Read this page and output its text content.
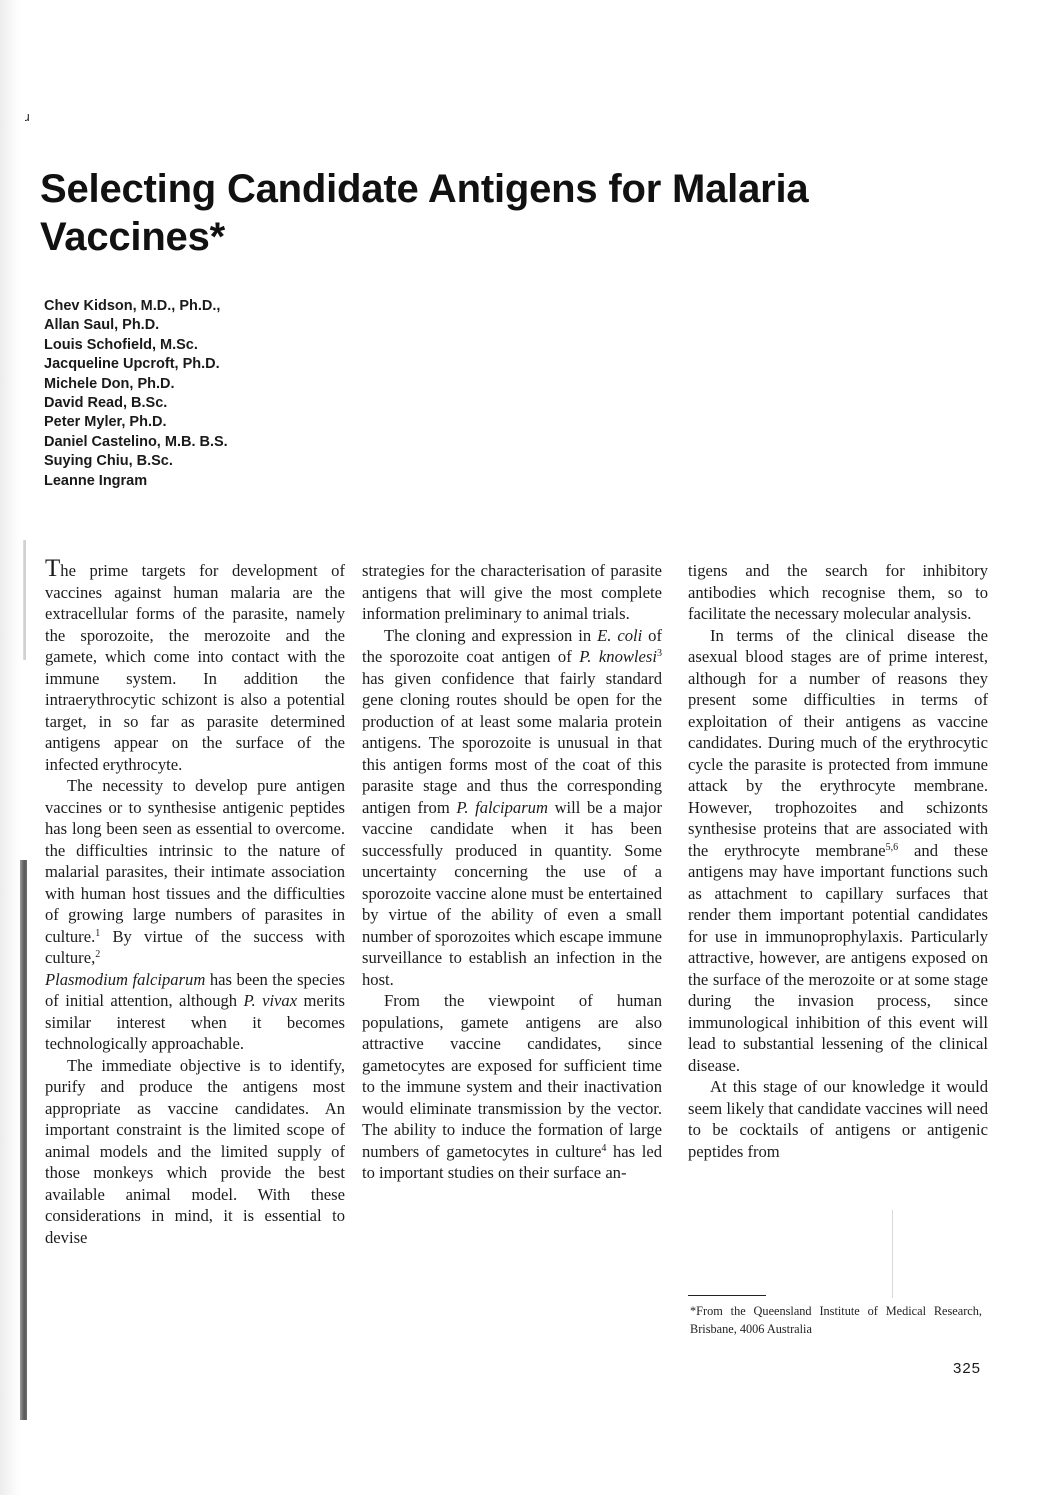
ɹ
Selecting Candidate Antigens for Malaria
Vaccines*
Chev Kidson, M.D., Ph.D.,
Allan Saul, Ph.D.
Louis Schofield, M.Sc.
Jacqueline Upcroft, Ph.D.
Michele Don, Ph.D.
David Read, B.Sc.
Peter Myler, Ph.D.
Daniel Castelino, M.B. B.S.
Suying Chiu, B.Sc.
Leanne Ingram

The prime targets for development of vaccines against human malaria are the extracellular forms of the parasite, namely the sporozoite, the merozoite and the gamete, which come into contact with the immune system. In addition the intraerythrocytic schizont is also a potential target, in so far as parasite determined antigens appear on the surface of the infected erythrocyte.

The necessity to develop pure antigen vaccines or to synthesise antigenic peptides has long been seen as essential to overcome. the difficulties intrinsic to the nature of malarial parasites, their intimate association with human host tissues and the difficulties of growing large numbers of parasites in culture.$^1$ By virtue of the success with culture,$^2$
Plasmodium falciparum has been the species of initial attention, although P. vivax merits similar interest when it becomes technologically approachable.

The immediate objective is to identify, purify and produce the antigens most appropriate as vaccine candidates. An important constraint is the limited scope of animal models and the limited supply of those monkeys which provide the best available animal model. With these considerations in mind, it is essential to devise

strategies for the characterisation of parasite antigens that will give the most complete information preliminary to animal trials.

The cloning and expression in E. coli of the sporozoite coat antigen of P. knowlesi$^3$ has given confidence that fairly standard gene cloning routes should be open for the production of at least some malaria protein antigens. The sporozoite is unusual in that this antigen forms most of the coat of this parasite stage and thus the corresponding antigen from P. falciparum will be a major vaccine candidate when it has been successfully produced in quantity. Some uncertainty concerning the use of a sporozoite vaccine alone must be entertained by virtue of the ability of even a small number of sporozoites which escape immune surveillance to establish an infection in the host.

From the viewpoint of human populations, gamete antigens are also attractive vaccine candidates, since gametocytes are exposed for sufficient time to the immune system and their inactivation would eliminate transmission by the vector. The ability to induce the formation of large numbers of gametocytes in culture$^4$ has led to important studies on their surface an-

tigens and the search for inhibitory antibodies which recognise them, so to facilitate the necessary molecular analysis.

In terms of the clinical disease the asexual blood stages are of prime interest, although for a number of reasons they present some difficulties in terms of exploitation of their antigens as vaccine candidates. During much of the erythrocytic cycle the parasite is protected from immune attack by the erythrocyte membrane. However, trophozoites and schizonts synthesise proteins that are associated with the erythrocyte membrane$^{5,6}$ and these antigens may have important functions such as attachment to capillary surfaces that render them important potential candidates for use in immunoprophylaxis. Particularly attractive, however, are antigens exposed on the surface of the merozoite or at some stage during the invasion process, since immunological inhibition of this event will lead to substantial lessening of the clinical disease.

At this stage of our knowledge it would seem likely that candidate vaccines will need to be cocktails of antigens or antigenic peptides from

*From the Queensland Institute of Medical Research, Brisbane, 4006 Australia

325
